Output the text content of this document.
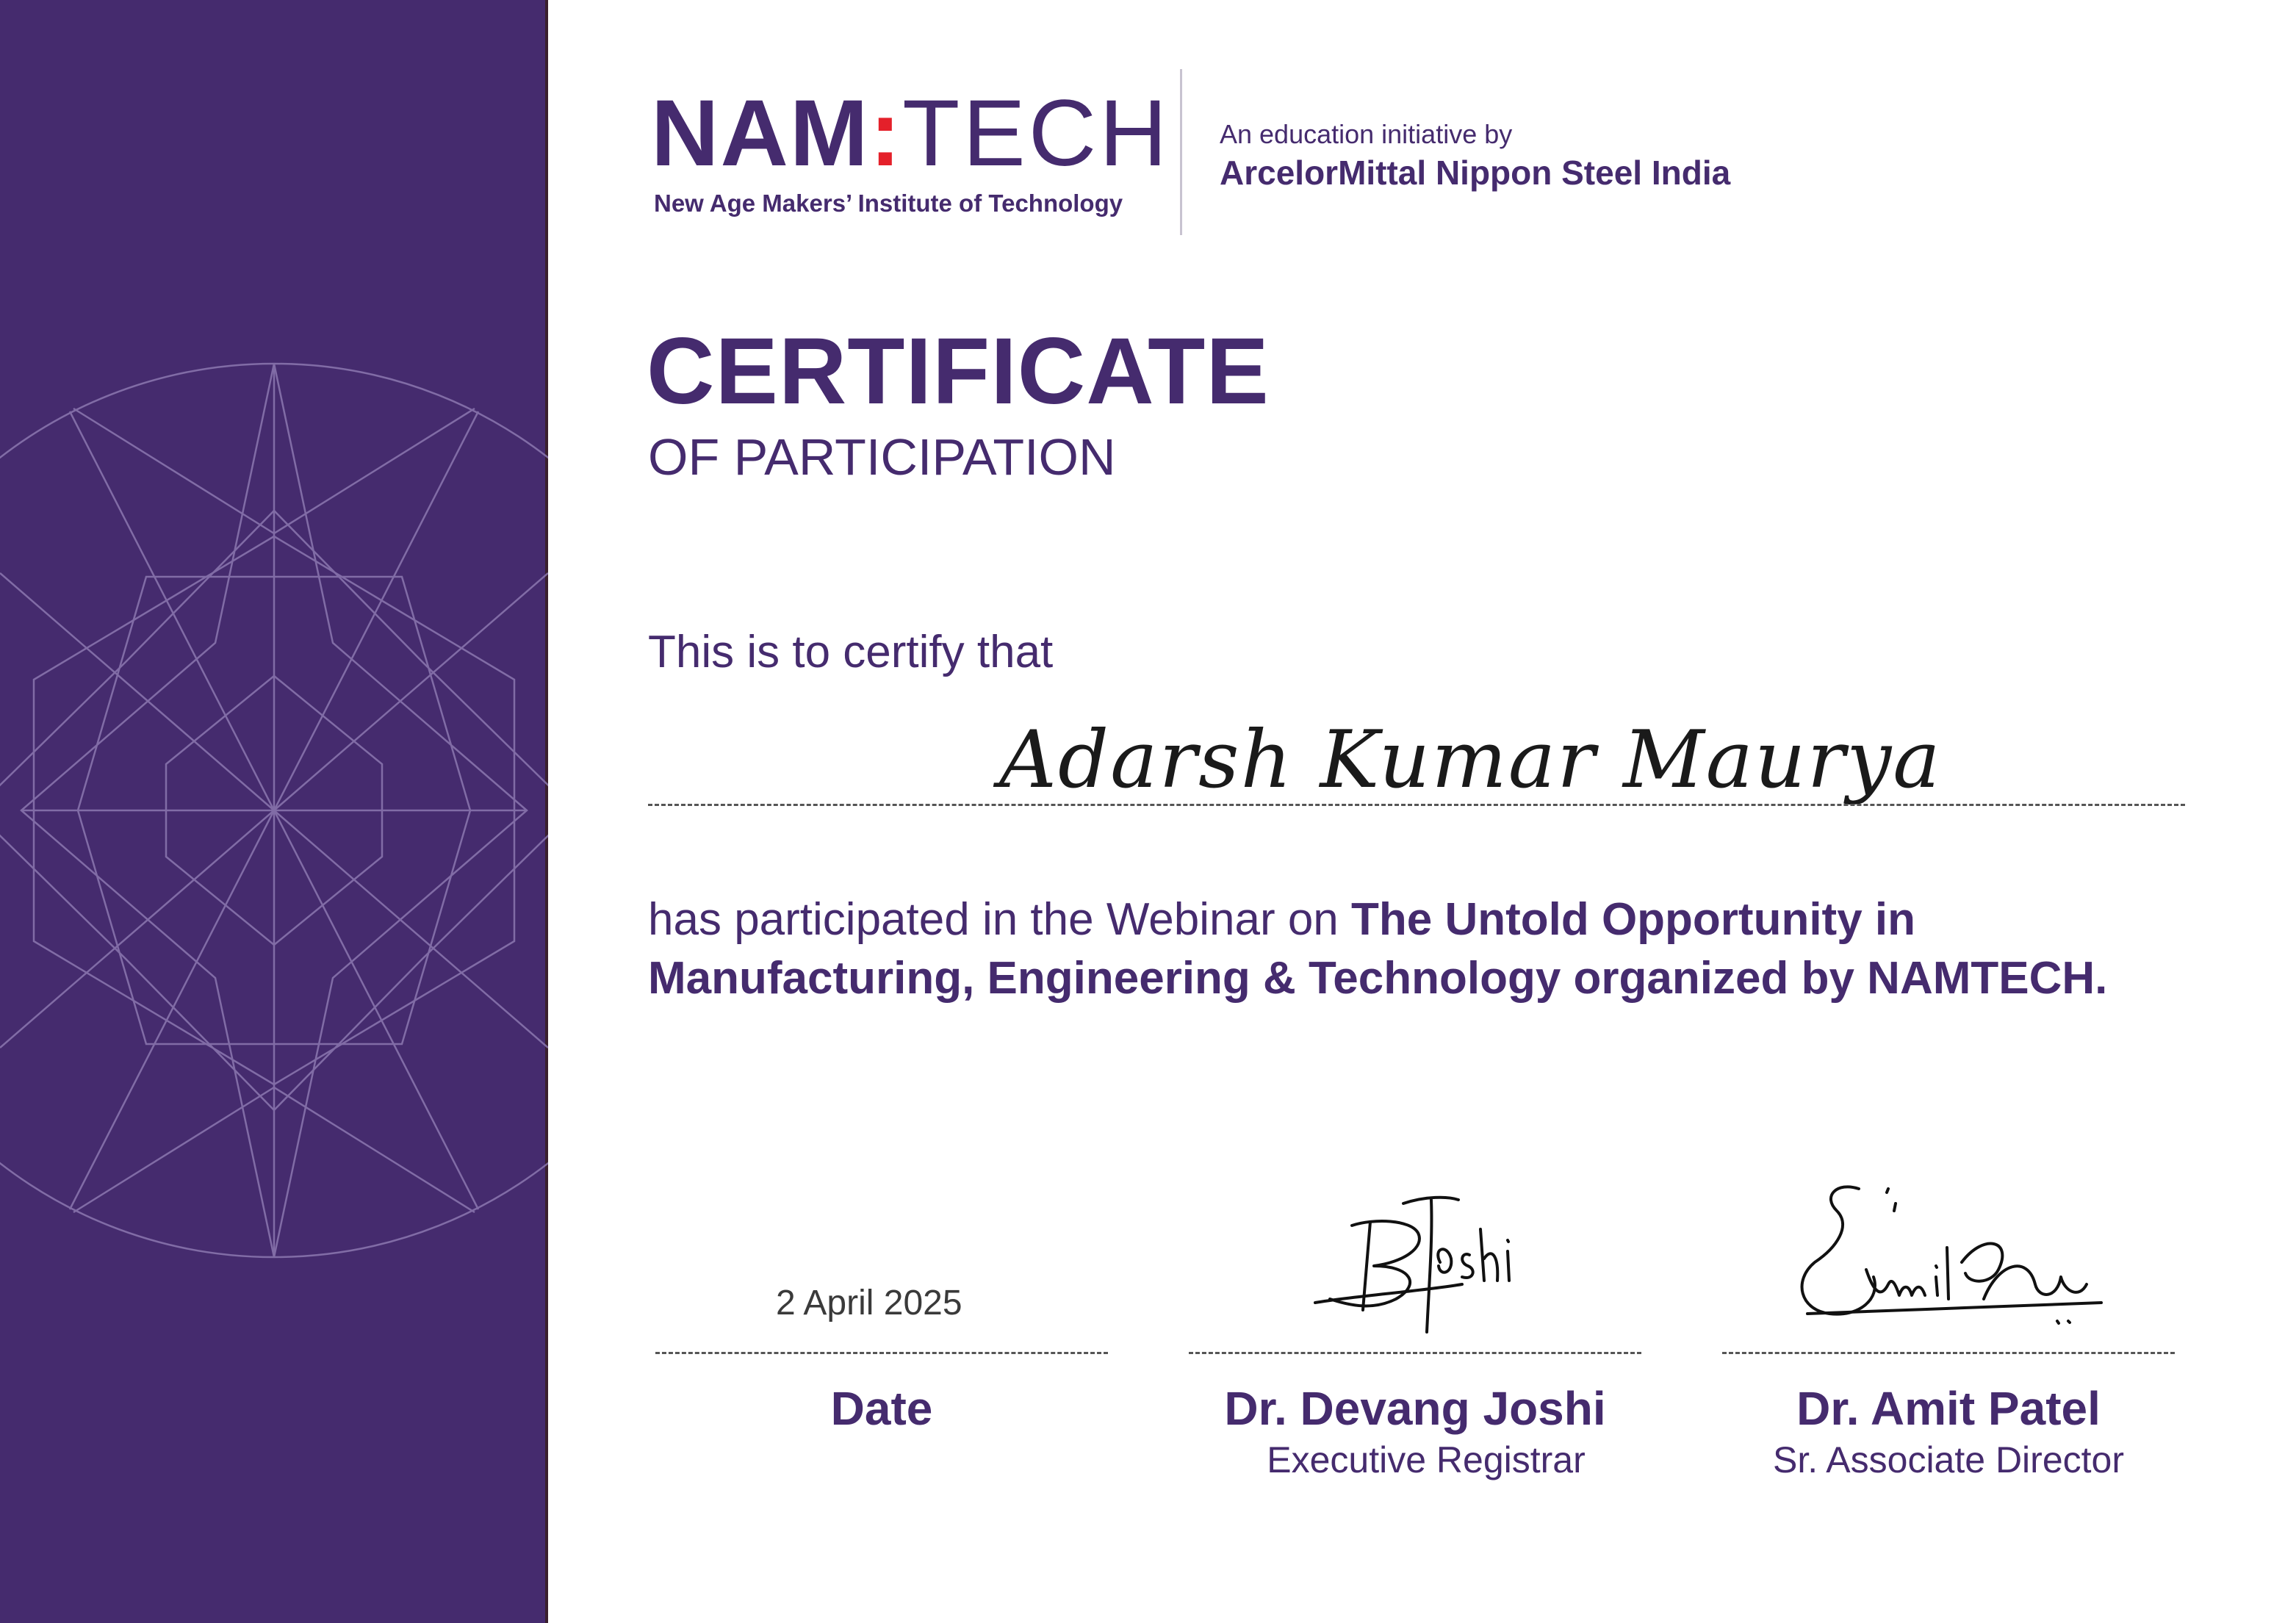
NAM:TECH
New Age Makers’ Institute of Technology
An education initiative by
ArcelorMittal Nippon Steel India
CERTIFICATE
OF PARTICIPATION
This is to certify that
Adarsh Kumar Maurya
has participated in the Webinar on The Untold Opportunity in Manufacturing, Engineering & Technology organized by NAMTECH.
2 April 2025
Date	Dr. Devang Joshi
Executive Registrar
Dr. Amit Patel
Sr. Associate Director
